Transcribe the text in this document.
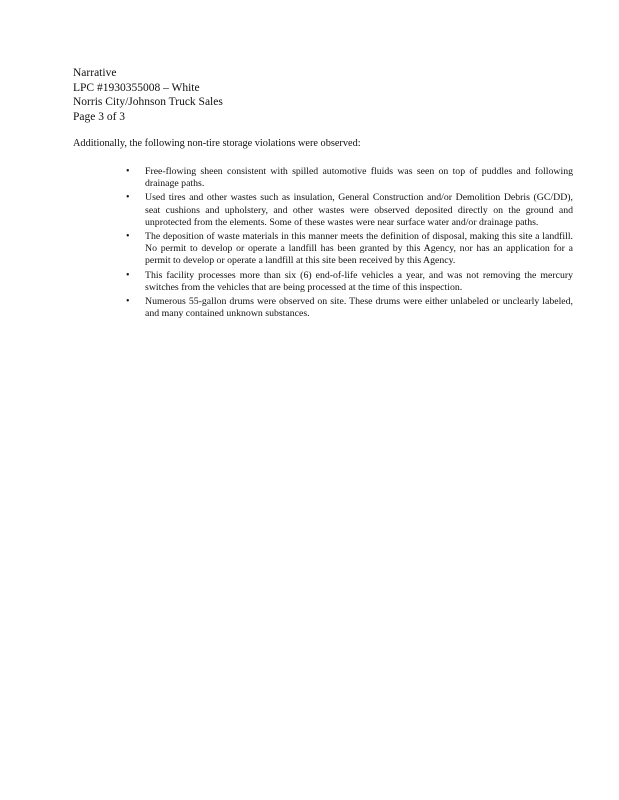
Narrative
LPC #1930355008 – White
Norris City/Johnson Truck Sales
Page 3 of 3
Additionally, the following non-tire storage violations were observed:
•	Free-flowing sheen consistent with spilled automotive fluids was seen on top of puddles and following drainage paths.
•	Used tires and other wastes such as insulation, General Construction and/or Demolition Debris (GC/DD), seat cushions and upholstery, and other wastes were observed deposited directly on the ground and unprotected from the elements. Some of these wastes were near surface water and/or drainage paths.
•	The deposition of waste materials in this manner meets the definition of disposal, making this site a landfill. No permit to develop or operate a landfill has been granted by this Agency, nor has an application for a permit to develop or operate a landfill at this site been received by this Agency.
•	This facility processes more than six (6) end-of-life vehicles a year, and was not removing the mercury switches from the vehicles that are being processed at the time of this inspection.
•	Numerous 55-gallon drums were observed on site. These drums were either unlabeled or unclearly labeled, and many contained unknown substances.
